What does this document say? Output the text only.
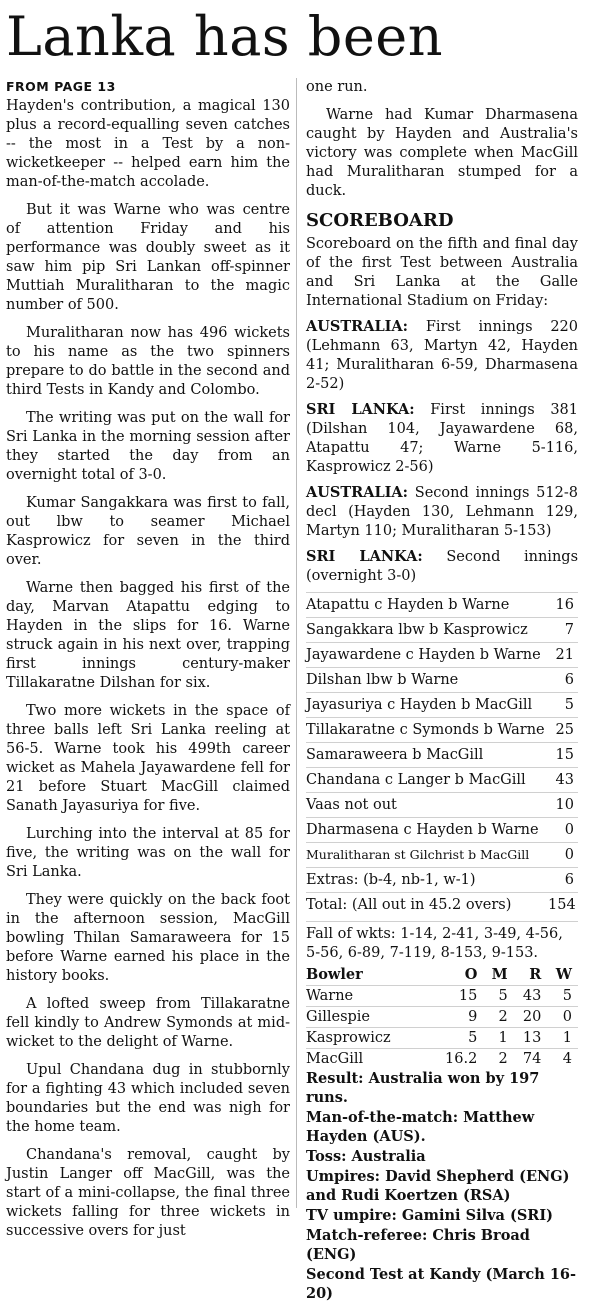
Lanka has been
FROM PAGE 13

Hayden's contribution, a magical 130 plus a record-equalling seven catches -- the most in a Test by a non-wicketkeeper -- helped earn him the man-of-the-match accolade.

But it was Warne who was centre of attention Friday and his performance was doubly sweet as it saw him pip Sri Lankan off-spinner Muttiah Muralitharan to the magic number of 500.

Muralitharan now has 496 wickets to his name as the two spinners prepare to do battle in the second and third Tests in Kandy and Colombo.

The writing was put on the wall for Sri Lanka in the morning session after they started the day from an overnight total of 3-0.

Kumar Sangakkara was first to fall, out lbw to seamer Michael Kasprowicz for seven in the third over.

Warne then bagged his first of the day, Marvan Atapattu edging to Hayden in the slips for 16. Warne struck again in his next over, trapping first innings century-maker Tillakaratne Dilshan for six.

Two more wickets in the space of three balls left Sri Lanka reeling at 56-5. Warne took his 499th career wicket as Mahela Jayawardene fell for 21 before Stuart MacGill claimed Sanath Jayasuriya for five.

Lurching into the interval at 85 for five, the writing was on the wall for Sri Lanka.

They were quickly on the back foot in the afternoon session, MacGill bowling Thilan Samaraweera for 15 before Warne earned his place in the history books.

A lofted sweep from Tillakaratne fell kindly to Andrew Symonds at mid-wicket to the delight of Warne.

Upul Chandana dug in stubbornly for a fighting 43 which included seven boundaries but the end was nigh for the home team.

Chandana's removal, caught by Justin Langer off MacGill, was the start of a mini-collapse, the final three wickets falling for three wickets in successive overs for just

one run.

Warne had Kumar Dharmasena caught by Hayden and Australia's victory was complete when MacGill had Muralitharan stumped for a duck.

SCOREBOARD

Scoreboard on the fifth and final day of the first Test between Australia and Sri Lanka at the Galle International Stadium on Friday:

AUSTRALIA: First innings 220 (Lehmann 63, Martyn 42, Hayden 41; Muralitharan 6-59, Dharmasena 2-52)

SRI LANKA: First innings 381 (Dilshan 104, Jayawardene 68, Atapattu 47; Warne 5-116, Kasprowicz 2-56)

AUSTRALIA: Second innings 512-8 decl (Hayden 130, Lehmann 129, Martyn 110; Muralitharan 5-153)

SRI LANKA: Second innings (overnight 3-0)

Atapattu c Hayden b Warne	16
Sangakkara lbw b Kasprowicz	7
Jayawardene c Hayden b Warne	21
Dilshan lbw b Warne	6
Jayasuriya c Hayden b MacGill	5
Tillakaratne c Symonds b Warne 25
Samaraweera b MacGill	15
Chandana c Langer b MacGill	43
Vaas not out	10
Dharmasena c Hayden b Warne	0
Muralitharan st Gilchrist b MacGill	0
Extras: (b-4, nb-1, w-1)	6
Total: (All out in 45.2 overs)	154

Fall of wkts: 1-14, 2-41, 3-49, 4-56, 5-56, 6-89, 7-119, 8-153, 9-153.

Bowler	O	M	R	W
Warne	15	5	43	5
Gillespie	9	2	20	0
Kasprowicz	5	1	13	1
MacGill	16.2	2	74	4
Result: Australia won by 197 runs.
Man-of-the-match: Matthew Hayden (AUS).
Toss: Australia
Umpires: David Shepherd (ENG) and Rudi Koertzen (RSA)
TV umpire: Gamini Silva (SRI)
Match-referee: Chris Broad (ENG)
Second Test at Kandy (March 16-20)
